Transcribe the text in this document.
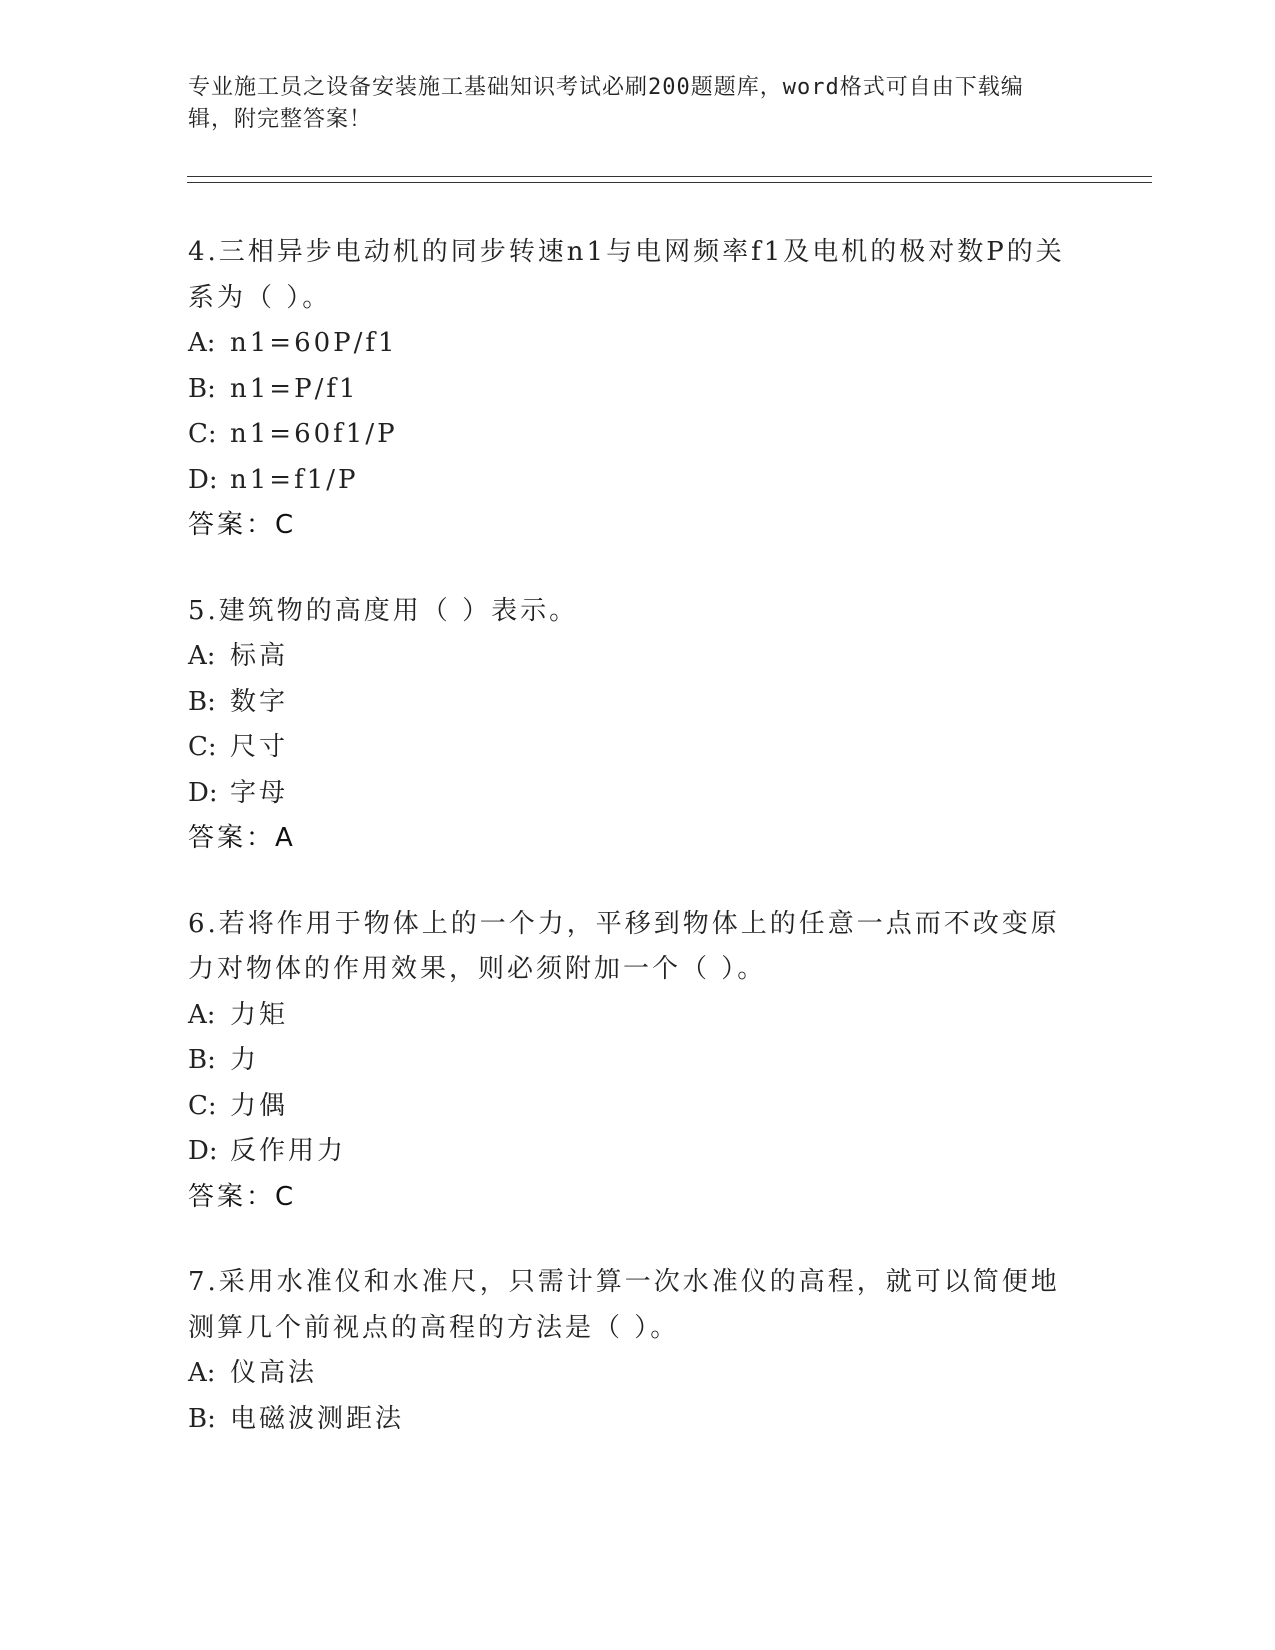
专业施工员之设备安装施工基础知识考试必刷200题题库，word格式可自由下载编辑，附完整答案！
4.三相异步电动机的同步转速n1与电网频率f1及电机的极对数P的关系为（ ）。
A: n1=60P/f1
B: n1=P/f1
C: n1=60f1/P
D: n1=f1/P
答案：C
5.建筑物的高度用（ ）表示。
A: 标高
B: 数字
C: 尺寸
D: 字母
答案：A
6.若将作用于物体上的一个力，平移到物体上的任意一点而不改变原力对物体的作用效果，则必须附加一个（ ）。
A: 力矩
B: 力
C: 力偶
D: 反作用力
答案：C
7.采用水准仪和水准尺，只需计算一次水准仪的高程，就可以简便地测算几个前视点的高程的方法是（ ）。
A: 仪高法
B: 电磁波测距法
